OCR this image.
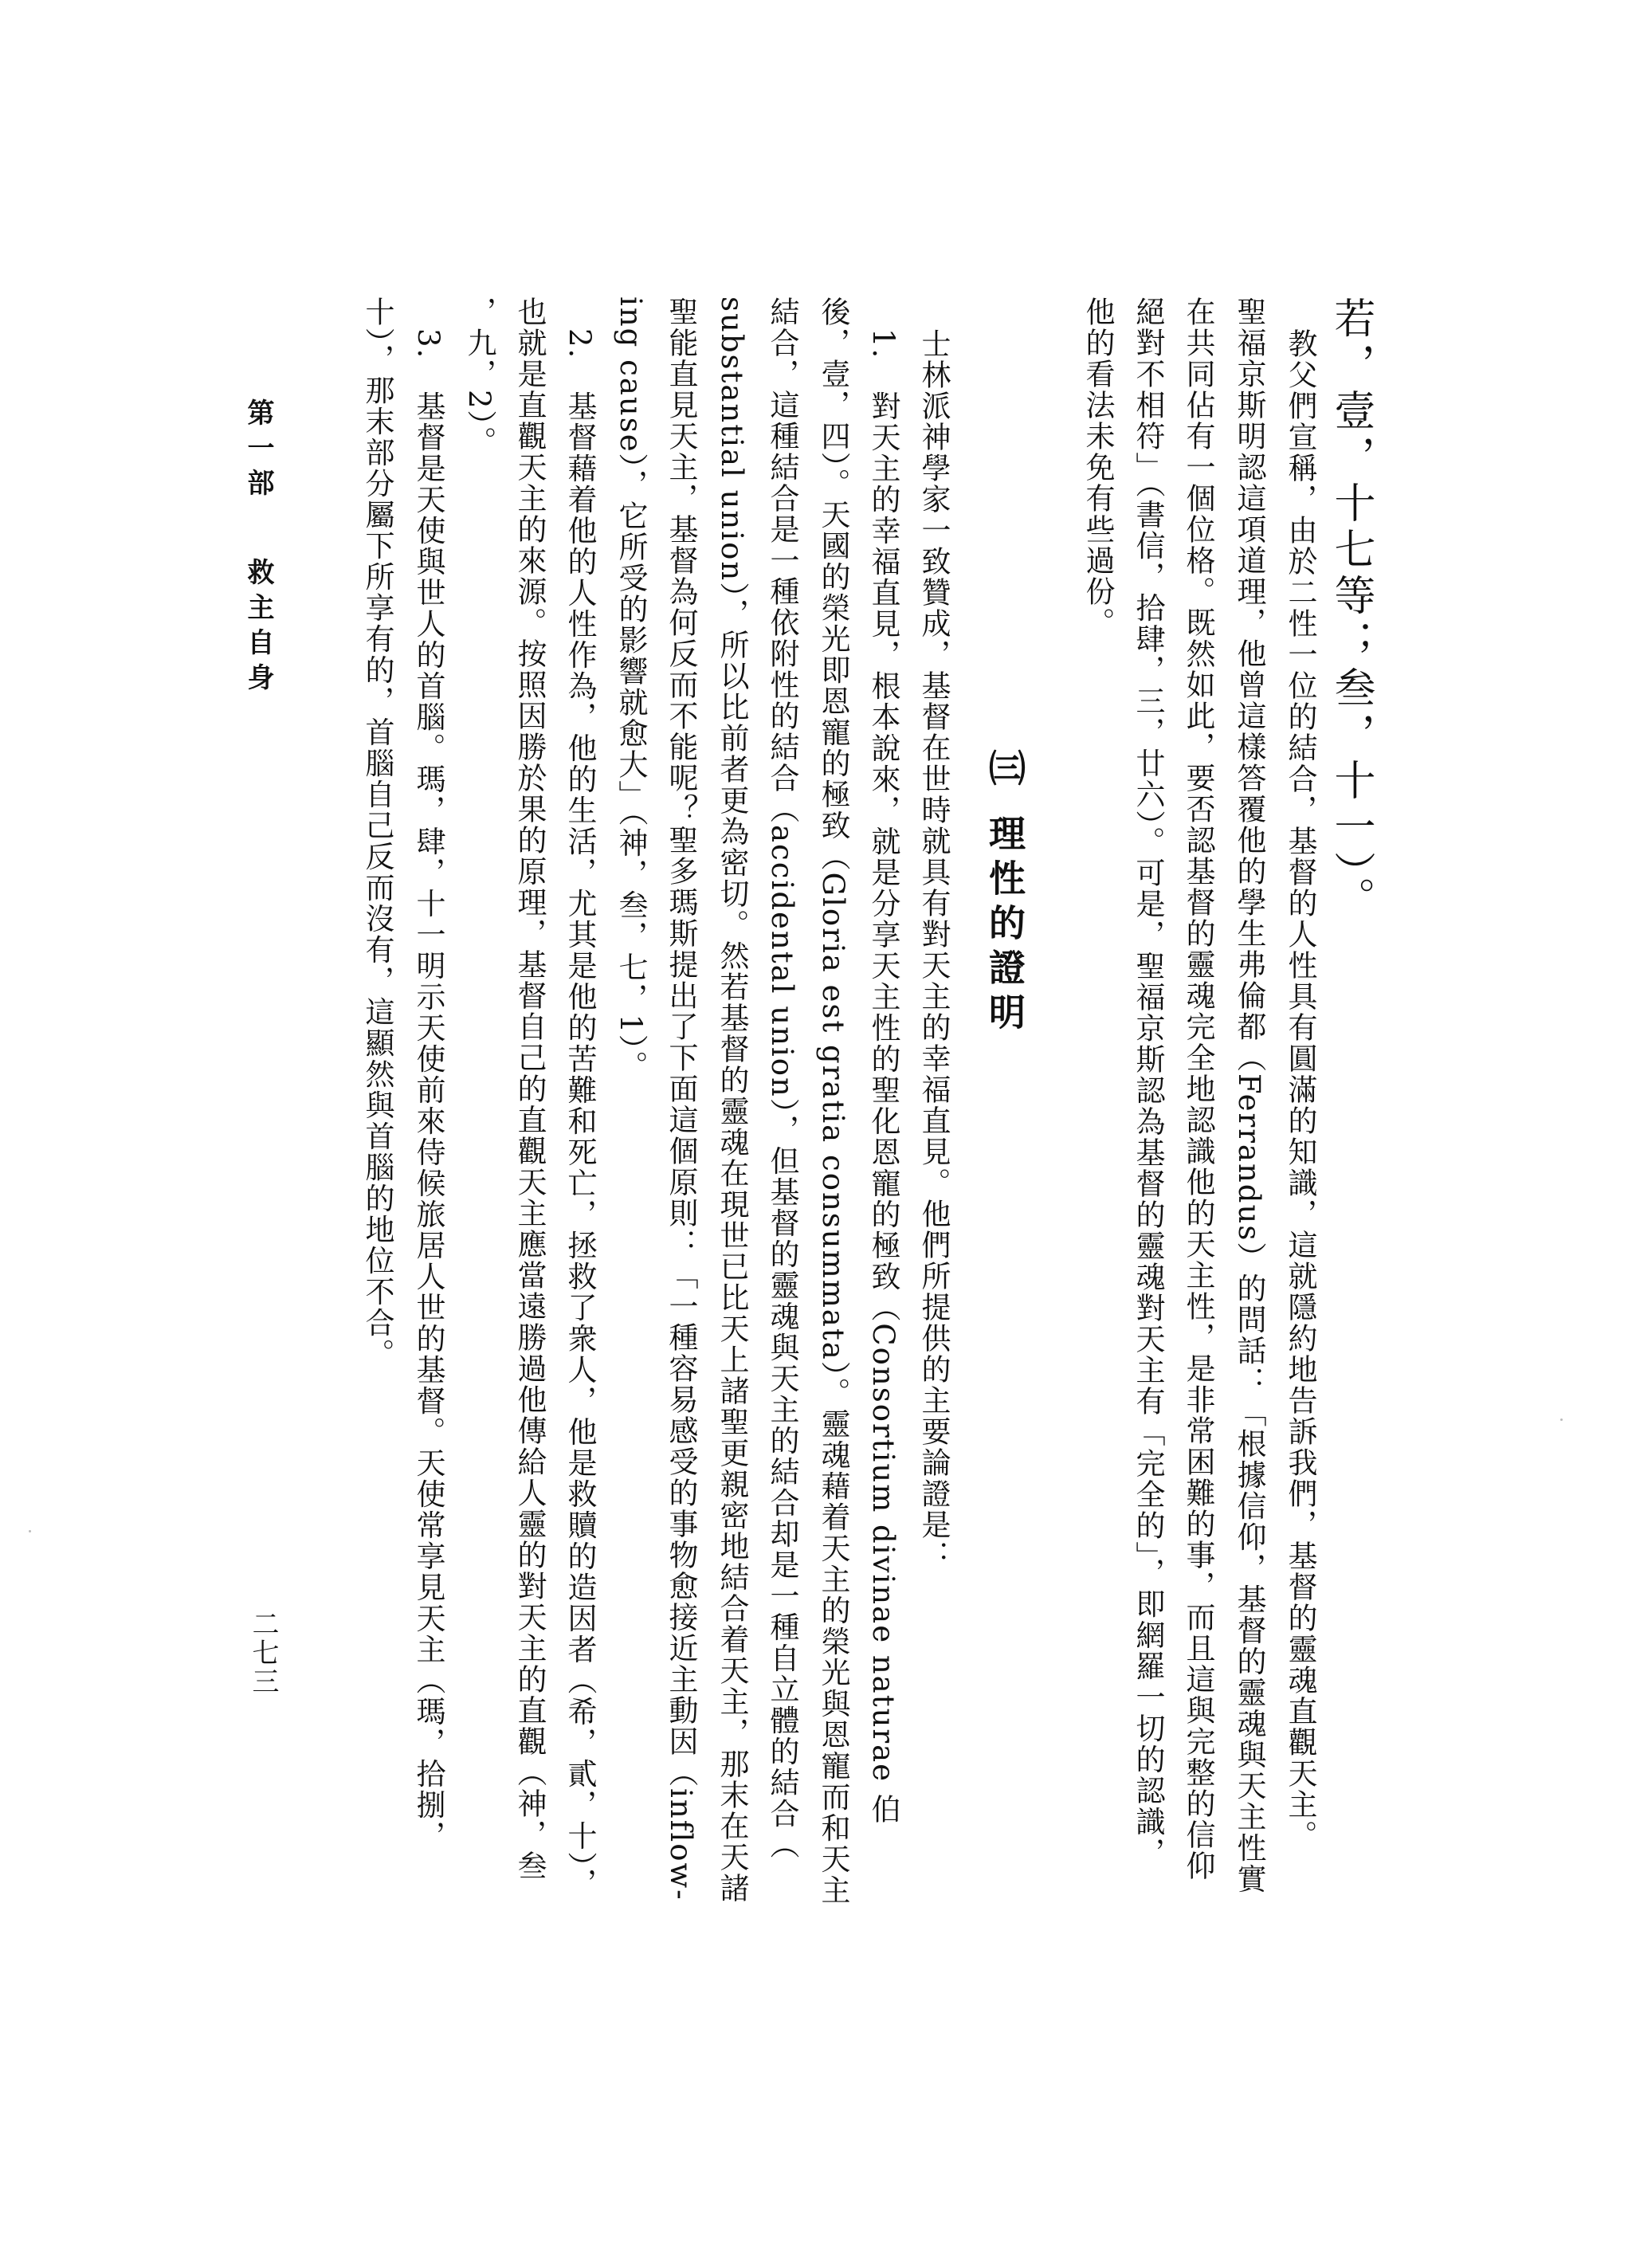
若，壹，十七等；叁，十一）。
教父們宣稱，由於二性一位的結合，基督的人性具有圓滿的知識，這就隱約地告訴我們，基督的靈魂直觀天主。
聖福京斯明認這項道理，他曾這樣答覆他的學生弗倫都（Ferrandus）的問話：「根據信仰，基督的靈魂與天主性實
在共同佔有一個位格。既然如此，要否認基督的靈魂完全地認識他的天主性，是非常困難的事，而且這與完整的信仰
絕對不相符」（書信，拾肆，三，廿六）。可是，聖福京斯認為基督的靈魂對天主有「完全的」，即網羅一切的認識，
他的看法未免有些過份。
㈢ 理性的證明
士林派神學家一致贊成，基督在世時就具有對天主的幸福直見。他們所提供的主要論證是：
1.　對天主的幸福直見，根本說來，就是分享天主性的聖化恩寵的極致（Consortium divinae naturae 伯
後，壹，四）。天國的榮光即恩寵的極致（Gloria est gratia consummata）。靈魂藉着天主的榮光與恩寵而和天主
結合，這種結合是一種依附性的結合（accidental union），但基督的靈魂與天主的結合却是一種自立體的結合（
substantial union），所以比前者更為密切。然若基督的靈魂在現世已比天上諸聖更親密地結合着天主，那末在天諸
聖能直見天主，基督為何反而不能呢？聖多瑪斯提出了下面這個原則：「一種容易感受的事物愈接近主動因（inflow-
ing cause），它所受的影響就愈大」（神，叁，七，1）。
2.　基督藉着他的人性作為，他的生活，尤其是他的苦難和死亡，拯救了衆人，他是救贖的造因者（希，貳，十），
也就是直觀天主的來源。按照因勝於果的原理，基督自己的直觀天主應當遠勝過他傳給人靈的對天主的直觀（神，叁
，九，2）。
3.　基督是天使與世人的首腦。瑪，肆，十一明示天使前來侍候旅居人世的基督。天使常享見天主（瑪，拾捌，
十），那末部分屬下所享有的，首腦自己反而沒有，這顯然與首腦的地位不合。
第一部
救主自身
二七三
